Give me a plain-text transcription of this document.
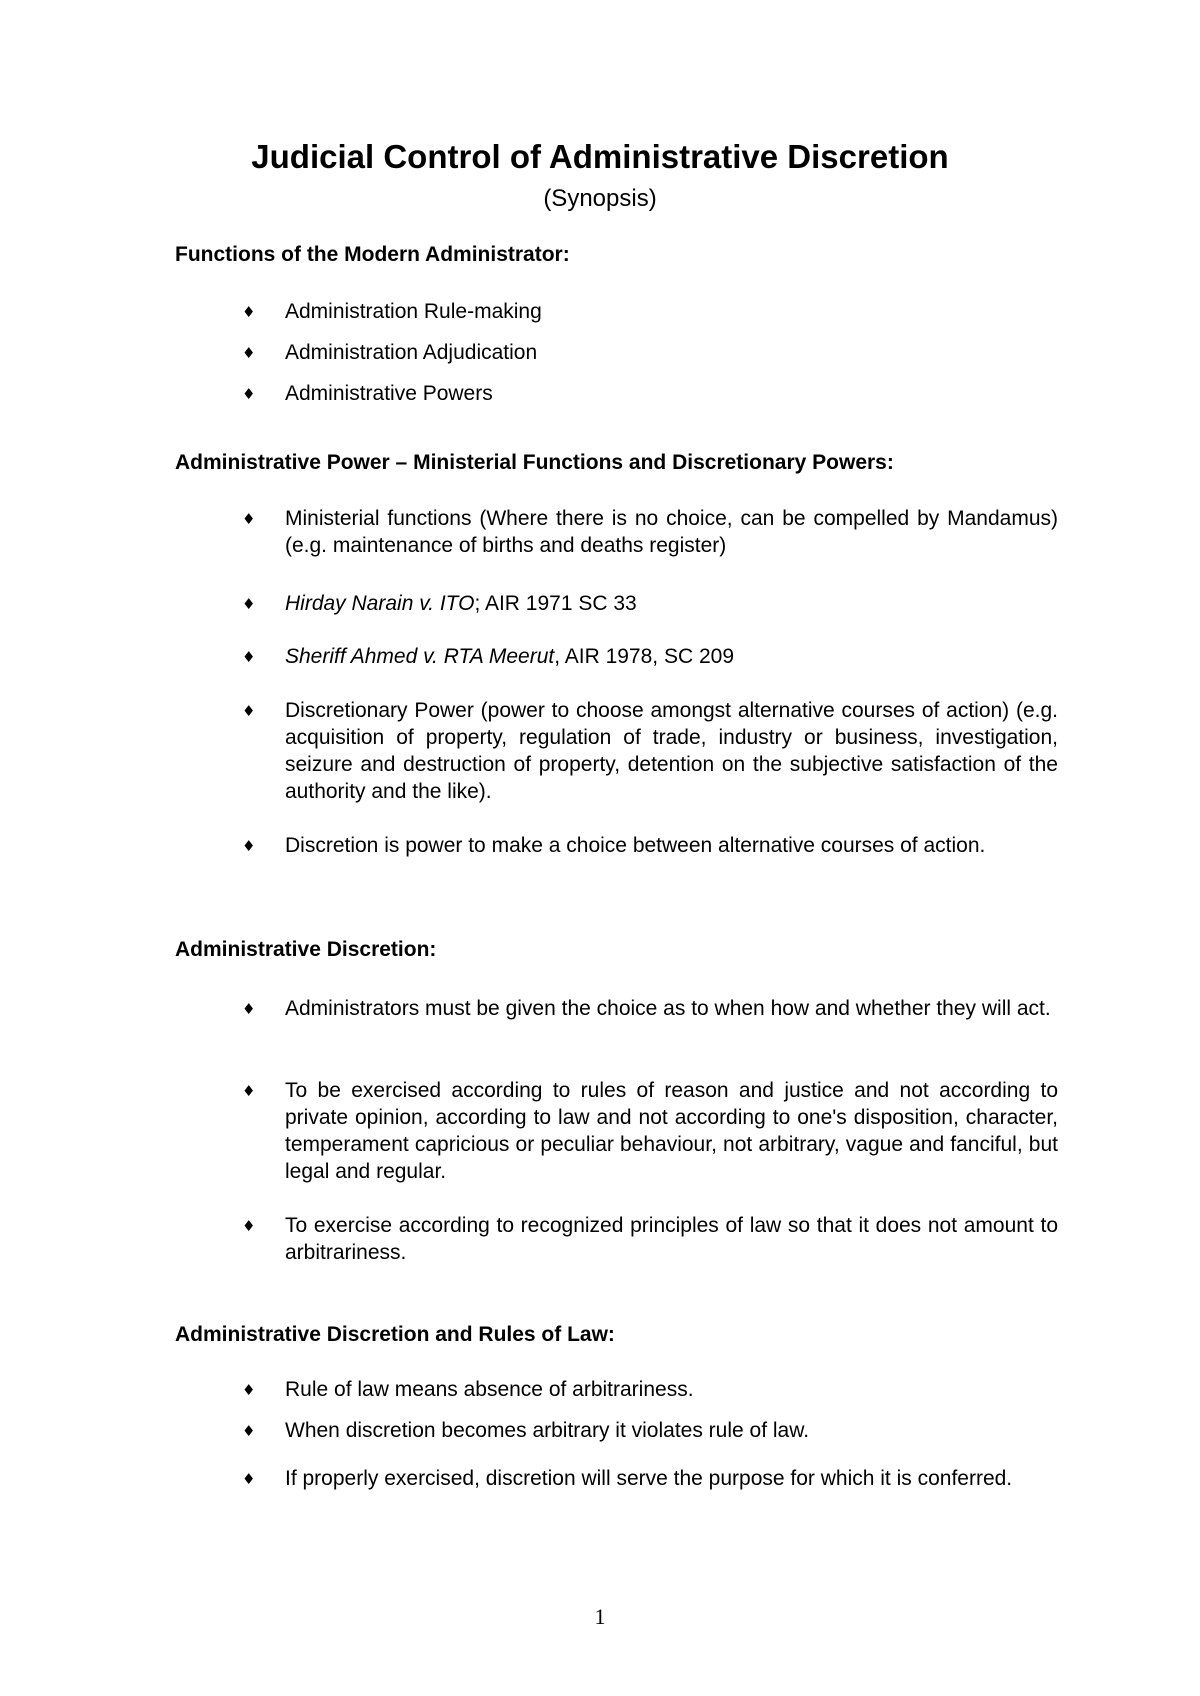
Judicial Control of Administrative Discretion
(Synopsis)
Functions of the Modern Administrator:
♦ Administration Rule-making
♦ Administration Adjudication
♦ Administrative Powers
Administrative Power – Ministerial Functions and Discretionary Powers:
♦ Ministerial functions (Where there is no choice, can be compelled by Mandamus) (e.g. maintenance of births and deaths register)
♦ Hirday Narain v. ITO; AIR 1971 SC 33
♦ Sheriff Ahmed v. RTA Meerut, AIR 1978, SC 209
♦ Discretionary Power (power to choose amongst alternative courses of action) (e.g. acquisition of property, regulation of trade, industry or business, investigation, seizure and destruction of property, detention on the subjective satisfaction of the authority and the like).
♦ Discretion is power to make a choice between alternative courses of action.
Administrative Discretion:
♦ Administrators must be given the choice as to when how and whether they will act.
♦ To be exercised according to rules of reason and justice and not according to private opinion, according to law and not according to one's disposition, character, temperament capricious or peculiar behaviour, not arbitrary, vague and fanciful, but legal and regular.
♦ To exercise according to recognized principles of law so that it does not amount to arbitrariness.
Administrative Discretion and Rules of Law:
♦ Rule of law means absence of arbitrariness.
♦ When discretion becomes arbitrary it violates rule of law.
♦ If properly exercised, discretion will serve the purpose for which it is conferred.
1
